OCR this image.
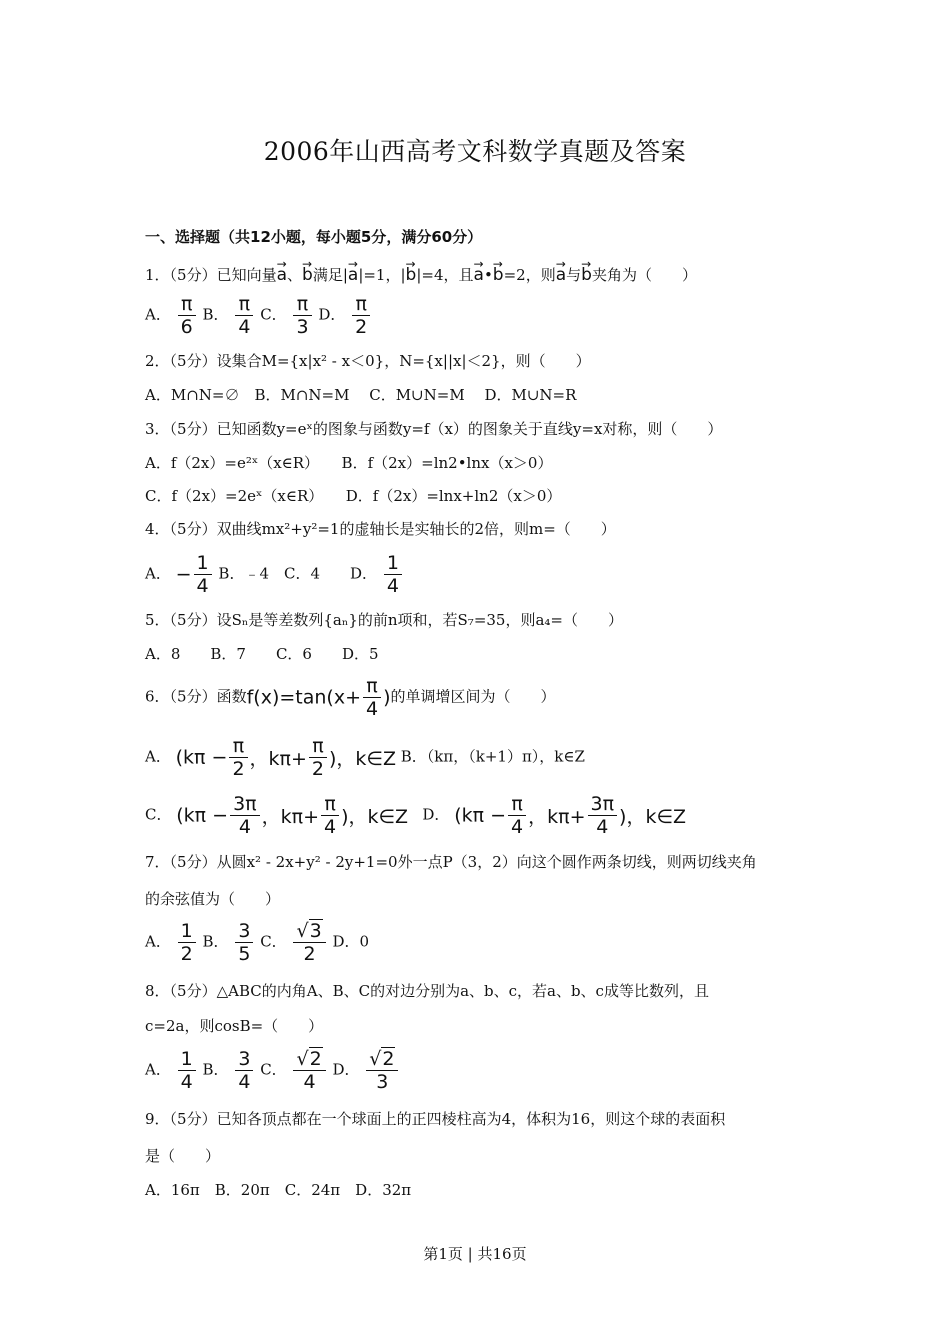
2006年山西高考文科数学真题及答案
一、选择题（共12小题，每小题5分，满分60分）
1．（5分）已知向量→ a、→ b满足|→ a|=1，|→ b|=4，且→ a•→ b=2，则→ a与→ b夹角为（　　）
A． $\frac{\pi}{6}$ B． $\frac{\pi}{4}$ C． $\frac{\pi}{3}$ D． $\frac{\pi}{2}$
2．（5分）设集合M={x|x² - x＜0}，N={x||x|＜2}，则（　　）
A．M∩N=∅　B．M∩N=M　 C．M∪N=M　 D．M∪N=R
3．（5分）已知函数y=eˣ的图象与函数y=f（x）的图象关于直线y=x对称，则（　　）
A．f（2x）=e²ˣ（x∈R）　　B．f（2x）=ln2•lnx（x＞0）
C．f（2x）=2eˣ（x∈R）　　D．f（2x）=lnx+ln2（x＞0）
4．（5分）双曲线mx²+y²=1的虚轴长是实轴长的2倍，则m=（　　）
A． − $\frac{1}{4}$ B．﹣4　C．4　　D． $\frac{1}{4}$
5．（5分）设Sₙ是等差数列{aₙ}的前n项和，若S₇=35，则a₄=（　　）
A．8　　B．7　　C．6　　D．5
6．（5分）函数$f(x)=\tan(x+ \frac{\pi}{4}$ )的单调增区间为（　　）
A． ($k\pi - \frac{\pi}{2}$ ，$k\pi+ \frac{\pi}{2}$ )，k∈Z B．（kπ，（k+1）π），k∈Z
C． ($k\pi - \frac{3\pi}{4}$ ，$k\pi+ \frac{\pi}{4}$ )，k∈Z D． ($k\pi - \frac{\pi}{4}$ ，$k\pi+ \frac{3\pi}{4}$ )，k∈Z
7．（5分）从圆x² - 2x+y² - 2y+1=0外一点P（3，2）向这个圆作两条切线，则两切线夹角
的余弦值为（　　）
A． $\frac{1}{2}$ B． $\frac{3}{5}$ C． $\frac{√3}{2}$ D．0
8．（5分）△ABC的内角A、B、C的对边分别为a、b、c，若a、b、c成等比数列，且
c=2a，则cosB=（　　）
A． $\frac{1}{4}$ B． $\frac{3}{4}$ C． $\frac{√2}{4}$ D． $\frac{√2}{3}$
9．（5分）已知各顶点都在一个球面上的正四棱柱高为4，体积为16，则这个球的表面积
是（　　）
A．16π　B．20π　C．24π　D．32π
第1页 | 共16页
